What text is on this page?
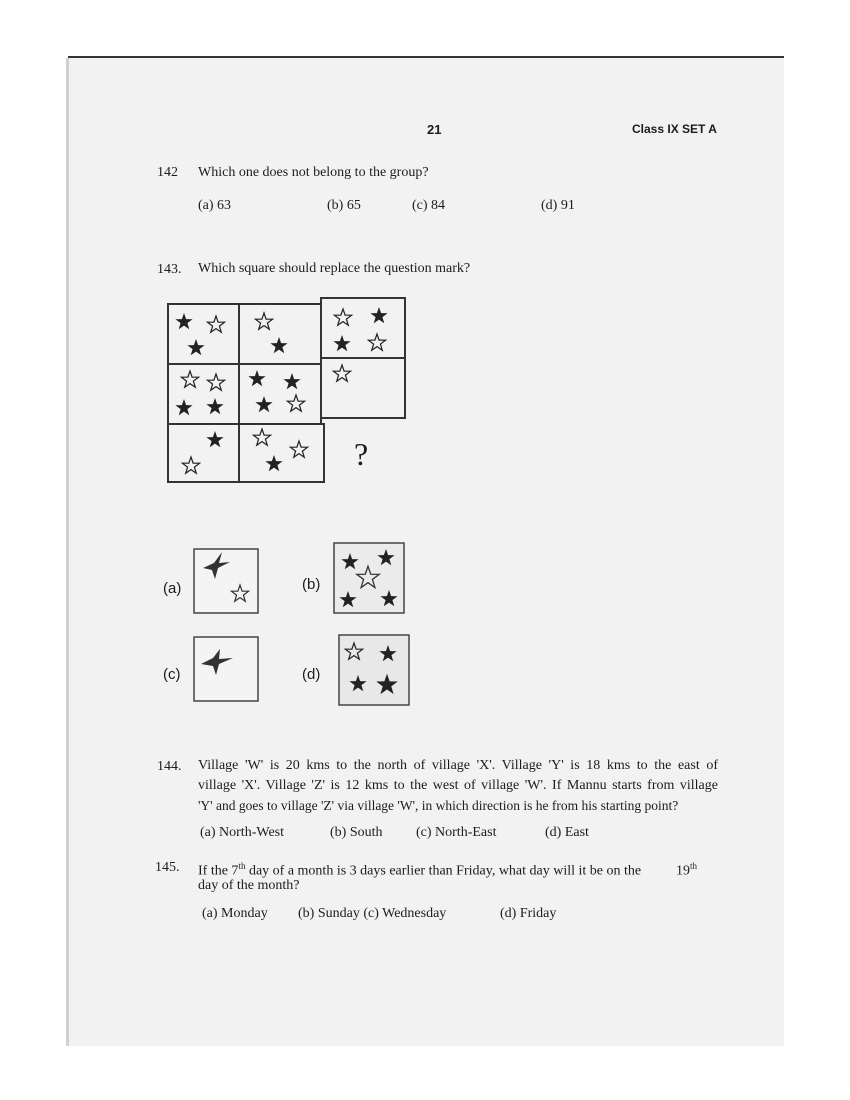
21	Class IX SET A
142 Which one does not belong to the group?
(a) 63	(b) 65	(c) 84	(d) 91
143. Which square should replace the question mark?
?
(a)	(b)
(c)	(d)
144. Village 'W' is 20 kms to the north of village 'X'. Village 'Y' is 18 kms to the east of
village 'X'. Village 'Z' is 12 kms to the west of village 'W'. If Mannu starts from village
'Y' and goes to village 'Z' via village 'W', in which direction is he from his starting point?
(a) North-West	(b) South (c) North-East	(d) East
145. If the 7th day of a month is 3 days earlier than Friday, what day will it be on the 19th
day of the month?
(a) Monday (b) Sunday (c) Wednesday	(d) Friday
